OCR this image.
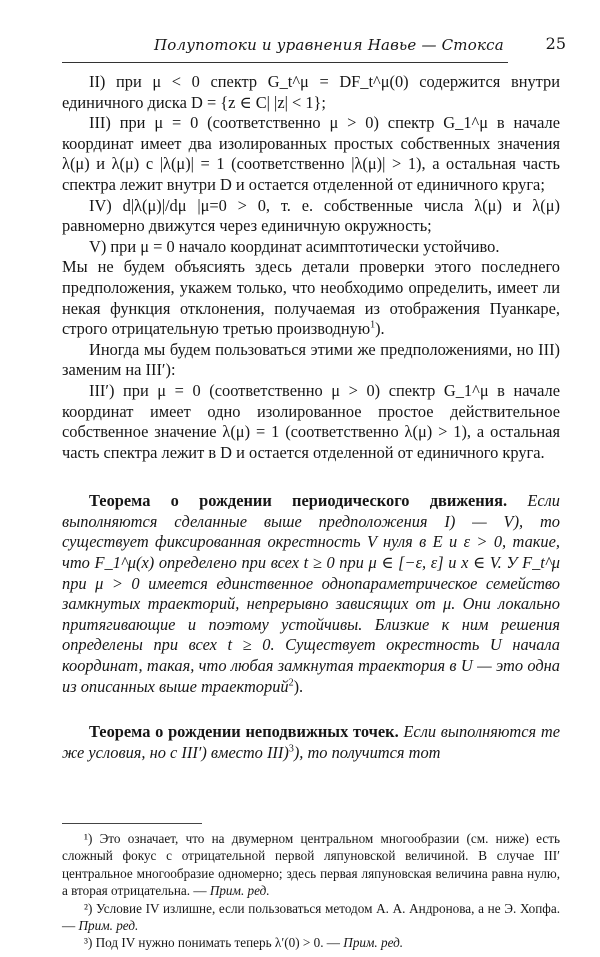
Полупотоки и уравнения Навье — Стокса	25

II) при μ < 0 спектр G_t^μ = DF_t^μ(0) содержится внутри единичного диска D = {z ∈ C| |z| < 1};

III) при μ = 0 (соответственно μ > 0) спектр G_1^μ в начале координат имеет два изолированных простых собственных значения λ(μ) и λ(μ) с |λ(μ)| = 1 (соответственно |λ(μ)| > 1), а остальная часть спектра лежит внутри D и остается отделенной от единичного круга;

IV) d|λ(μ)|/dμ |μ=0 > 0, т. е. собственные числа λ(μ) и λ(μ) равномерно движутся через единичную окружность;

V) при μ = 0 начало координат асимптотически устойчиво.

Мы не будем объясиять здесь детали проверки этого последнего предположения, укажем только, что необходимо определить, имеет ли некая функция отклонения, получаемая из отображения Пуанкаре, строго отрицательную третью производную$^1$).

Иногда мы будем пользоваться этими же предположениями, но III) заменим на III′):

III′) при μ = 0 (соответственно μ > 0) спектр G_1^μ в начале координат имеет одно изолированное простое действительное собственное значение λ(μ) = 1 (соответственно λ(μ) > 1), а остальная часть спектра лежит в D и остается отделенной от единичного круга.

Теорема о рождении периодического движения. Если выполняются сделанные выше предположения I) — V), то существует фиксированная окрестность V нуля в E и ε > 0, такие, что F_1^μ(x) определено при всех t ≥ 0 при μ ∈ [−ε, ε] и x ∈ V. У F_t^μ при μ > 0 имеется единственное однопараметрическое семейство замкнутых траекторий, непрерывно зависящих от μ. Они локально притягивающие и поэтому устойчивы. Близкие к ним решения определены при всех t ≥ 0. Существует окрестность U начала координат, такая, что любая замкнутая траектория в U — это одна из описанных выше траекторий$^2$).

Теорема о рождении неподвижных точек. Если выполняются те же условия, но с III′) вместо III)$^3$), то получится тот

¹) Это означает, что на двумерном центральном многообразии (см. ниже) есть сложный фокус с отрицательной первой ляпуновской величиной. В случае III′ центральное многообразие одномерно; здесь первая ляпуновская величина равна нулю, а вторая отрицательна. — Прим. ред.

²) Условие IV излишне, если пользоваться методом А. А. Андронова, а не Э. Хопфа. — Прим. ред.

³) Под IV нужно понимать теперь λ′(0) > 0. — Прим. ред.
